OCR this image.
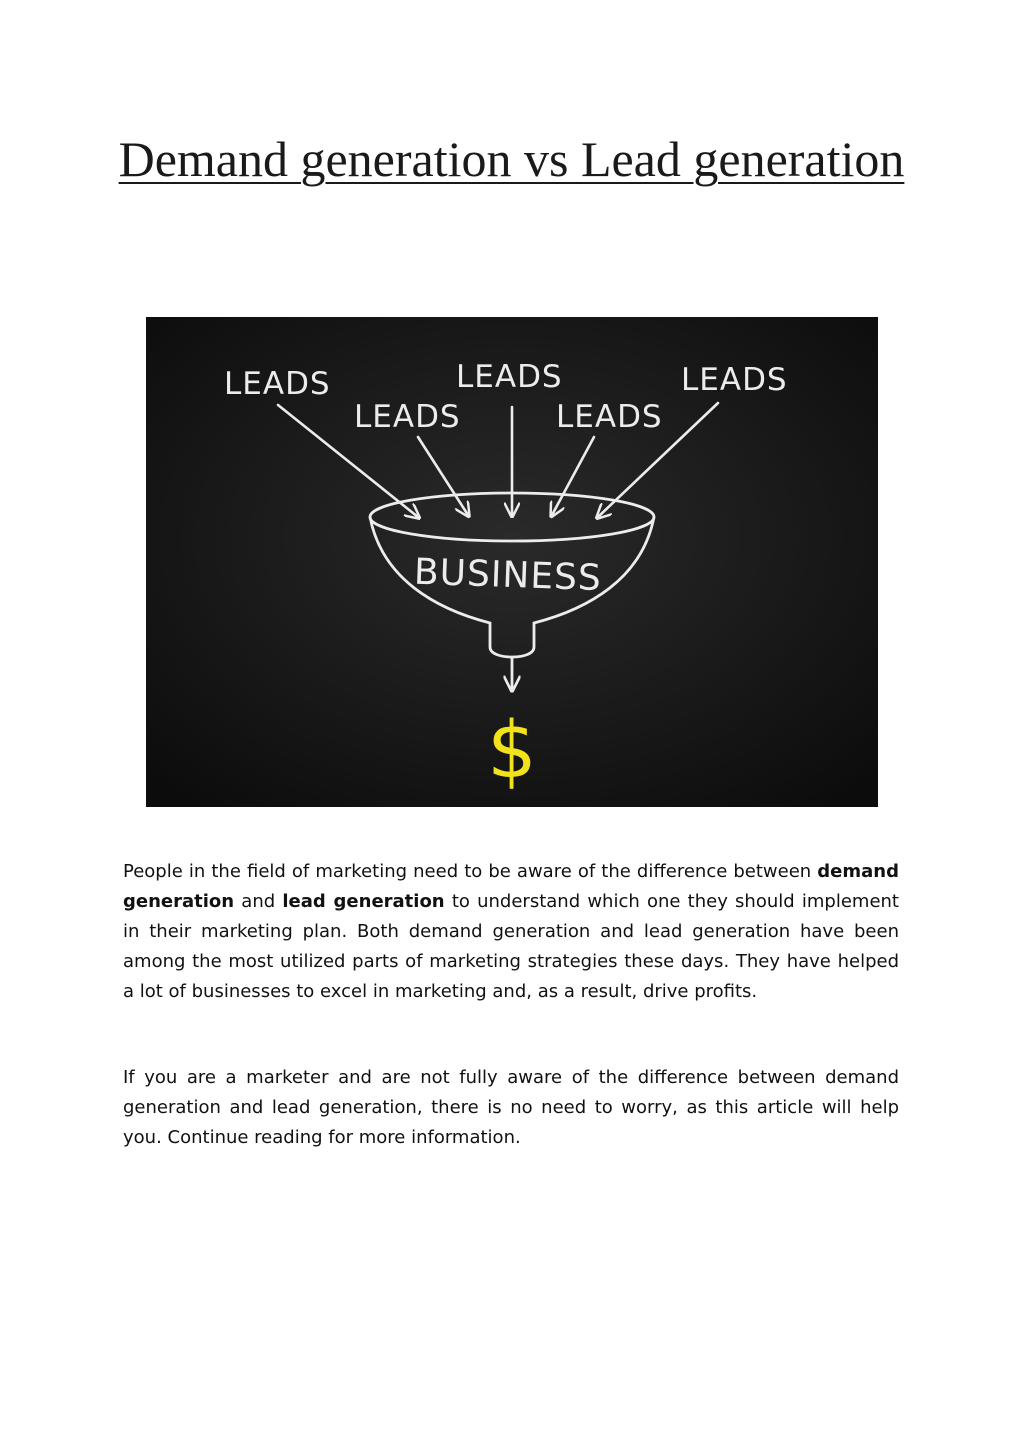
Demand generation vs Lead generation
LEADS	LEADS	LEADS
LEADS	LEADS
BUSINESS
$

People in the field of marketing need to be aware of the difference between demand generation and lead generation to understand which one they should implement in their marketing plan. Both demand generation and lead generation have been among the most utilized parts of marketing strategies these days. They have helped a lot of businesses to excel in marketing and, as a result, drive profits.

If you are a marketer and are not fully aware of the difference between demand generation and lead generation, there is no need to worry, as this article will help you. Continue reading for more information.
